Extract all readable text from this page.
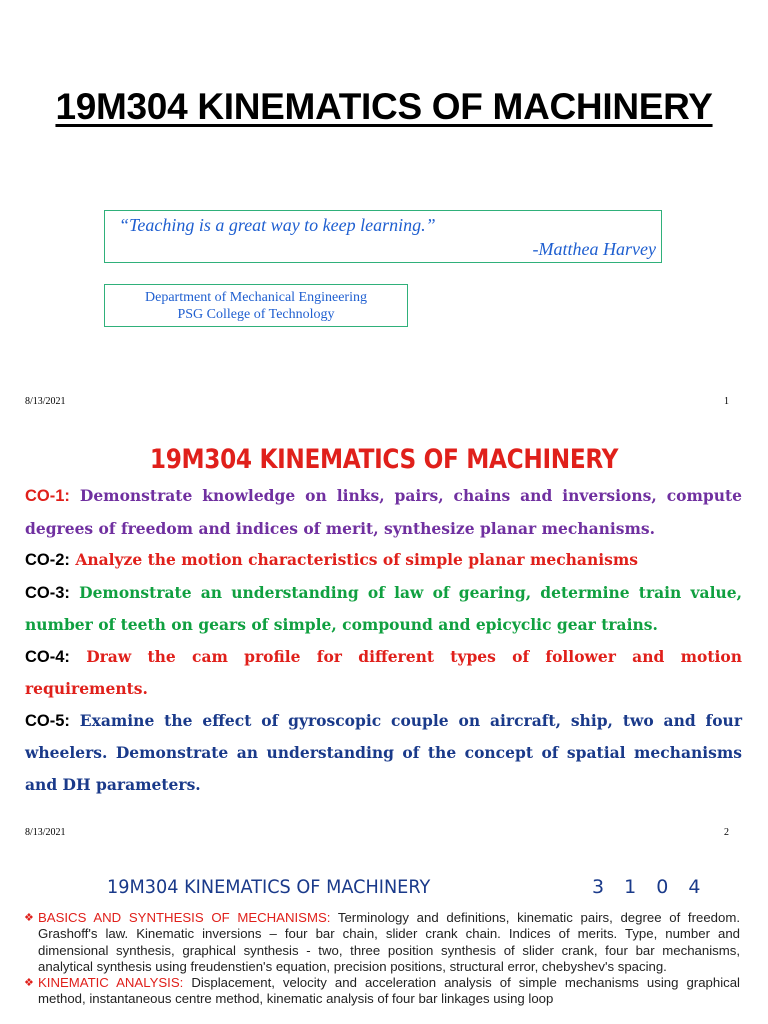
19M304 KINEMATICS OF MACHINERY
“Teaching is a great way to keep learning.”
-Matthea Harvey
Department of Mechanical Engineering
PSG College of Technology
8/13/2021	1
19M304 KINEMATICS OF MACHINERY

CO-1: Demonstrate knowledge on links, pairs, chains and inversions, compute degrees of freedom and indices of merit, synthesize planar mechanisms.

CO-2: Analyze the motion characteristics of simple planar mechanisms

CO-3: Demonstrate an understanding of law of gearing, determine train value, number of teeth on gears of simple, compound and epicyclic gear trains.

CO-4: Draw the cam profile for different types of follower and motion requirements.

CO-5: Examine the effect of gyroscopic couple on aircraft, ship, two and four wheelers. Demonstrate an understanding of the concept of spatial mechanisms and DH parameters.

8/13/2021	2
19M304 KINEMATICS OF MACHINERY	3 1 0 4

❖ BASICS AND SYNTHESIS OF MECHANISMS: Terminology and definitions, kinematic pairs, degree of freedom. Grashoff's law. Kinematic inversions – four bar chain, slider crank chain. Indices of merits. Type, number and dimensional synthesis, graphical synthesis - two, three position synthesis of slider crank, four bar mechanisms, analytical synthesis using freudenstien's equation, precision positions, structural error, chebyshev's spacing.

❖ KINEMATIC ANALYSIS: Displacement, velocity and acceleration analysis of simple mechanisms using graphical method, instantaneous centre method, kinematic analysis of four bar linkages using loop
